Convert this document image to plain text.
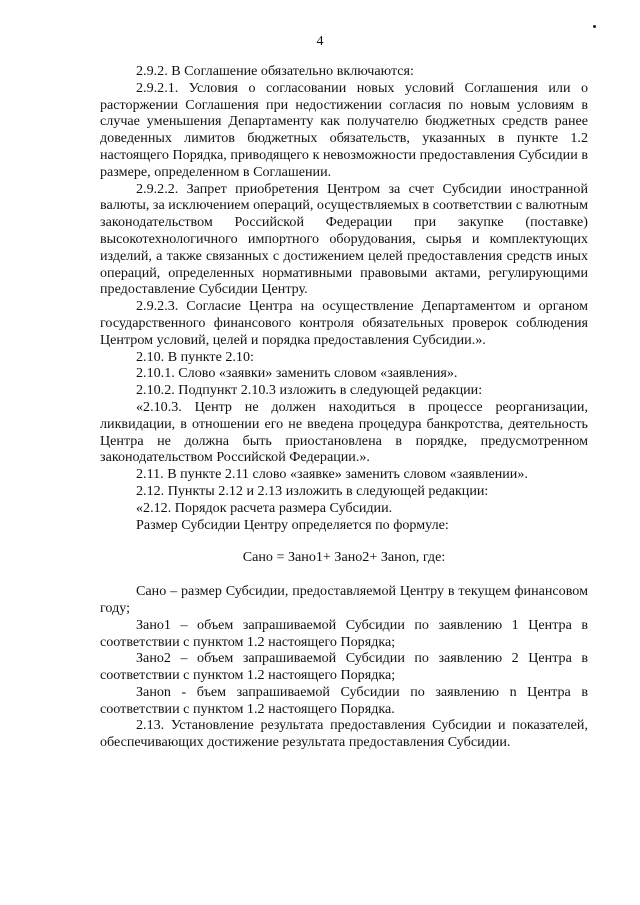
4

2.9.2. В Соглашение обязательно включаются:

2.9.2.1. Условия о согласовании новых условий Соглашения или о расторжении Соглашения при недостижении согласия по новым условиям в случае уменьшения Департаменту как получателю бюджетных средств ранее доведенных лимитов бюджетных обязательств, указанных в пункте 1.2 настоящего Порядка, приводящего к невозможности предоставления Субсидии в размере, определенном в Соглашении.

2.9.2.2. Запрет приобретения Центром за счет Субсидии иностранной валюты, за исключением операций, осуществляемых в соответствии с валютным законодательством Российской Федерации при закупке (поставке) высокотехнологичного импортного оборудования, сырья и комплектующих изделий, а также связанных с достижением целей предоставления средств иных операций, определенных нормативными правовыми актами, регулирующими предоставление Субсидии Центру.

2.9.2.3. Согласие Центра на осуществление Департаментом и органом государственного финансового контроля обязательных проверок соблюдения Центром условий, целей и порядка предоставления Субсидии.».

2.10. В пункте 2.10:

2.10.1. Слово «заявки» заменить словом «заявления».

2.10.2. Подпункт 2.10.3 изложить в следующей редакции:

«2.10.3. Центр не должен находиться в процессе реорганизации, ликвидации, в отношении его не введена процедура банкротства, деятельность Центра не должна быть приостановлена в порядке, предусмотренном законодательством Российской Федерации.».

2.11. В пункте 2.11 слово «заявке» заменить словом «заявлении».

2.12. Пункты 2.12 и 2.13 изложить в следующей редакции:

«2.12. Порядок расчета размера Субсидии.

Размер Субсидии Центру определяется по формуле:

Сано = Зано1+ Зано2+ Занon, где:

Сано – размер Субсидии, предоставляемой Центру в текущем финансовом году;

Зано1 – объем запрашиваемой Субсидии по заявлению 1 Центра в соответствии с пунктом 1.2 настоящего Порядка;

Зано2 – объем запрашиваемой Субсидии по заявлению 2 Центра в соответствии с пунктом 1.2 настоящего Порядка;

Занon - бъем запрашиваемой Субсидии по заявлению n Центра в соответствии с пунктом 1.2 настоящего Порядка.

2.13. Установление результата предоставления Субсидии и показателей, обеспечивающих достижение результата предоставления Субсидии.
